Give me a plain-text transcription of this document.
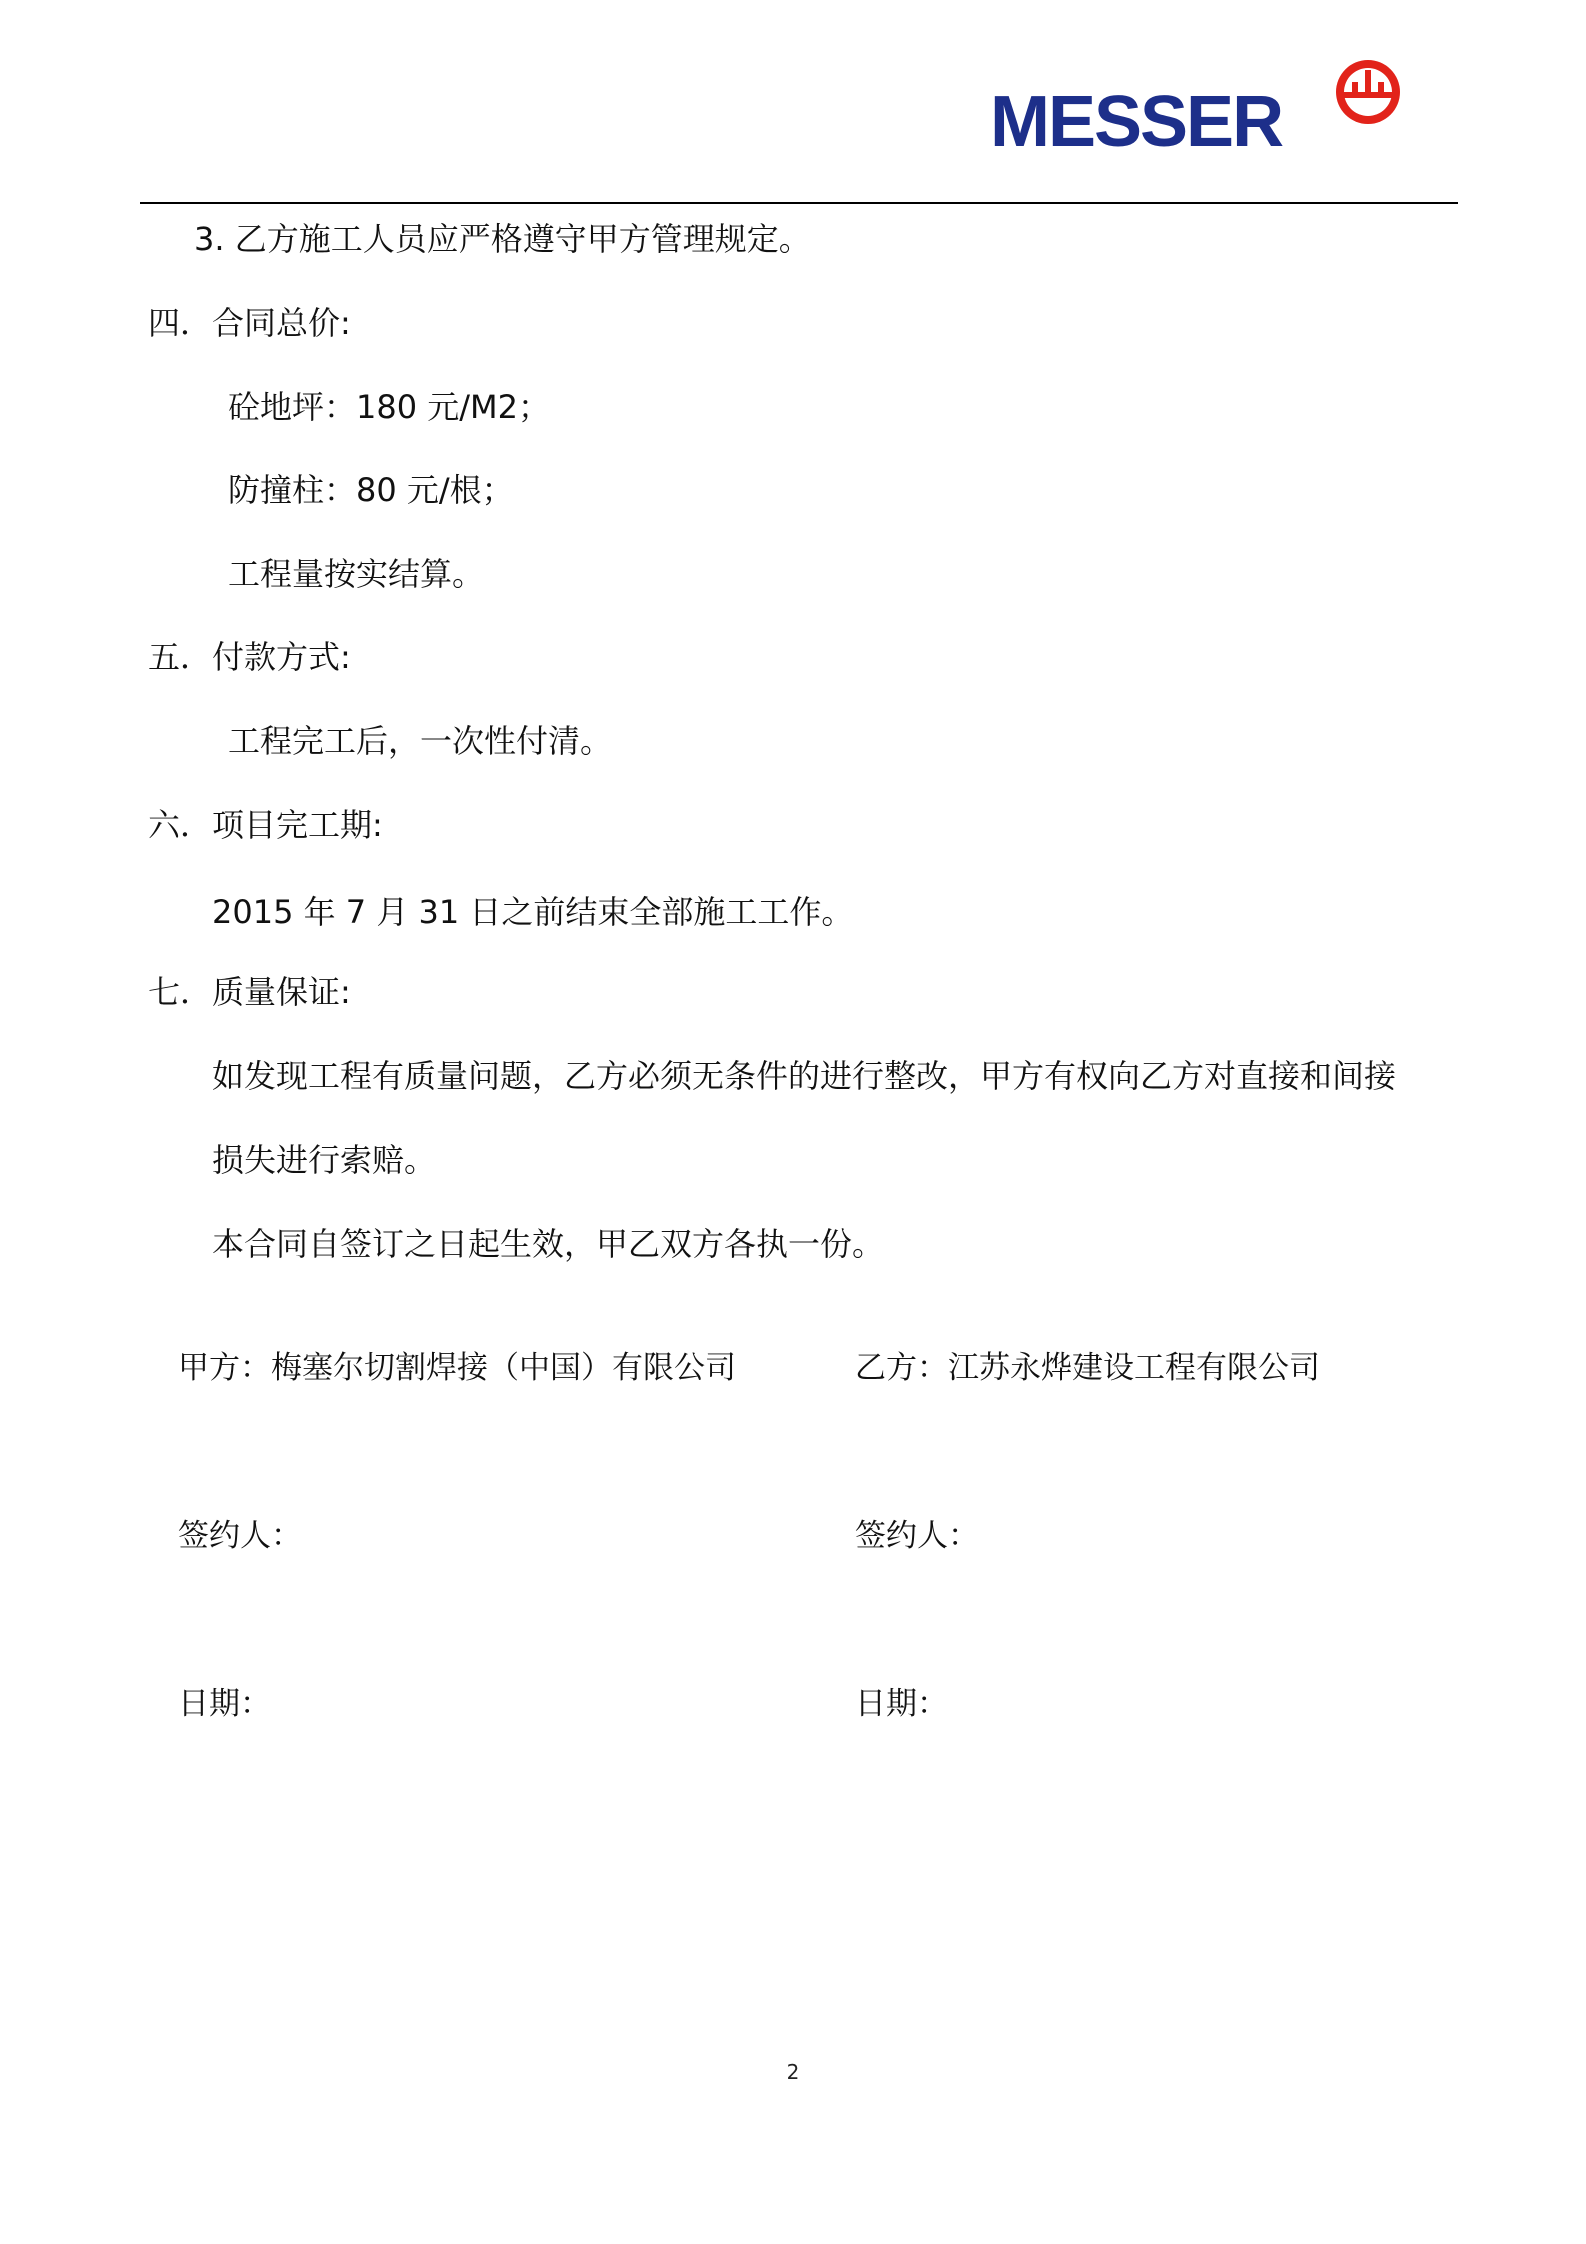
MESSER
3. 乙方施工人员应严格遵守甲方管理规定。
四．合同总价:
砼地坪：180 元/M2；
防撞柱：80 元/根；
工程量按实结算。
五．付款方式:
工程完工后，一次性付清。
六．项目完工期:
2015 年 7 月 31 日之前结束全部施工工作。
七．质量保证:
如发现工程有质量问题，乙方必须无条件的进行整改，甲方有权向乙方对直接和间接
损失进行索赔。
本合同自签订之日起生效，甲乙双方各执一份。
甲方：梅塞尔切割焊接（中国）有限公司	乙方：江苏永烨建设工程有限公司
签约人：	签约人：
日期：	日期：
2
